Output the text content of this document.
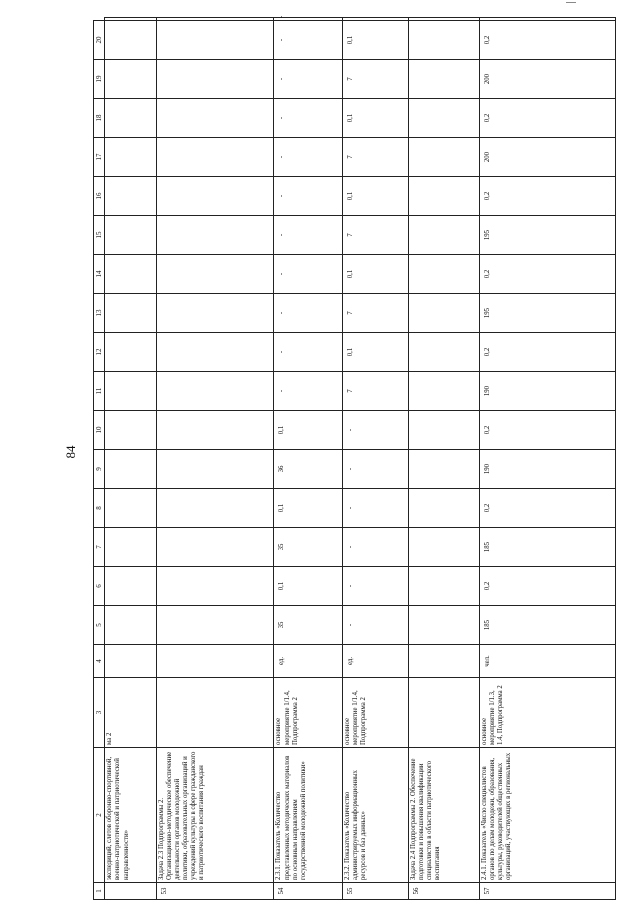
84
1	2	3	4	5	6	7	8	9	10	11	12	13	14	15	16	17	18	19	20	
	экспедиций, слетов оборонно-спортивной, военно-патриотической и патриотической направленности»	ма 2																		
53	Задача 2.3 Подпрограммы 2. Организационно-методическое обеспечение деятельности органов молодежной политики, образовательных организаций и учреждений культуры в сфере гражданского и патриотического воспитания граждан																			
54	2.3.1. Показатель «Количество представленных методических материалов по основным направлениям государственной молодежной политики»	основное мероприятие 1/1.4, Подпрограмма 2	ед.	35	0,1	35	0,1	36	0,1	-	-	-	-	-	-	-	-	-	-	-
55	2.3.2. Показатель «Количество администрируемых информационных ресурсов и баз данных»	основное мероприятие 1/1.4, Подпрограмма 2	ед.	-	-	-	-	-	-	7	0,1	7	0,1	7	0,1	7	0,1	7	0,1	
56	Задача 2.4 Подпрограммы 2. Обеспечение подготовки и повышения квалификации специалистов в области патриотического воспитания																			
57	2.4.1. Показатель «Число специалистов органов по делам молодежи, образования, культуры, руководителей общественных организаций, участвующих в региональных	основное мероприятие 1/1.3, 1.4, Подпрограмма 2	чел.	185	0,2	185	0,2	190	0,2	190	0,2	195	0,2	195	0,2	200	0,2	200	0,2	
